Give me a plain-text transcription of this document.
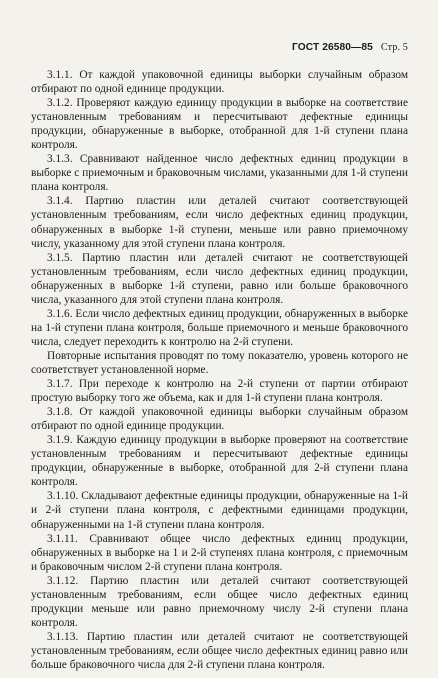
ГОСТ 26580—85 Стр. 5

3.1.1. От каждой упаковочной единицы выборки случайным образом отбирают по одной единице продукции.

3.1.2. Проверяют каждую единицу продукции в выборке на соответствие установленным требованиям и пересчитывают дефектные единицы продукции, обнаруженные в выборке, отобранной для 1-й ступени плана контроля.

3.1.3. Сравнивают найденное число дефектных единиц продукции в выборке с приемочным и браковочным числами, указанными для 1-й ступени плана контроля.

3.1.4. Партию пластин или деталей считают соответствующей установленным требованиям, если число дефектных единиц продукции, обнаруженных в выборке 1-й ступени, меньше или равно приемочному числу, указанному для этой ступени плана контроля.

3.1.5. Партию пластин или деталей считают не соответствующей установленным требованиям, если число дефектных единиц продукции, обнаруженных в выборке 1-й ступени, равно или больше браковочного числа, указанного для этой ступени плана контроля.

3.1.6. Если число дефектных единиц продукции, обнаруженных в выборке на 1-й ступени плана контроля, больше приемочного и меньше браковочного числа, следует переходить к контролю на 2-й ступени.

Повторные испытания проводят по тому показателю, уровень которого не соответствует установленной норме.

3.1.7. При переходе к контролю на 2-й ступени от партии отбирают простую выборку того же объема, как и для 1-й ступени плана контроля.

3.1.8. От каждой упаковочной единицы выборки случайным образом отбирают по одной единице продукции.

3.1.9. Каждую единицу продукции в выборке проверяют на соответствие установленным требованиям и пересчитывают дефектные единицы продукции, обнаруженные в выборке, отобранной для 2-й ступени плана контроля.

3.1.10. Складывают дефектные единицы продукции, обнаруженные на 1-й и 2-й ступени плана контроля, с дефектными единицами продукции, обнаруженными на 1-й ступени плана контроля.

3.1.11. Сравнивают общее число дефектных единиц продукции, обнаруженных в выборке на 1 и 2-й ступенях плана контроля, с приемочным и браковочным числом 2-й ступени плана контроля.

3.1.12. Партию пластин или деталей считают соответствующей установленным требованиям, если общее число дефектных единиц продукции меньше или равно приемочному числу 2-й ступени плана контроля.

3.1.13. Партию пластин или деталей считают не соответствующей установленным требованиям, если общее число дефектных единиц равно или больше браковочного числа для 2-й ступени плана контроля.
